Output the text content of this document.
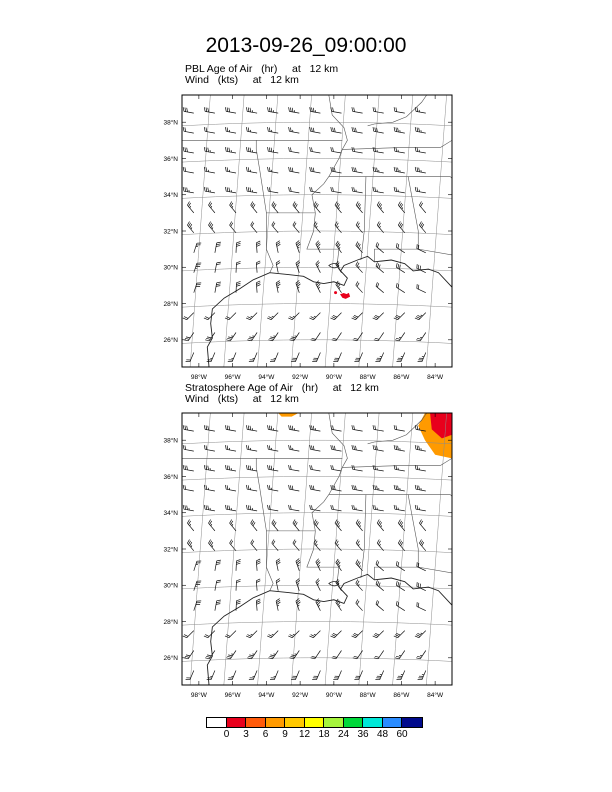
2013-09-26_09:00:00
PBL Age of Air (hr) at 12 km
Wind (kts) at 12 km
Stratosphere Age of Air (hr) at 12 km
Wind (kts) at 12 km
38°N
36°N
34°N
32°N
30°N
28°N
26°N
98°W	96°W	94°W	92°W	90°W	88°W	86°W	84°W
38°N
36°N
34°N
32°N
30°N
28°N
26°N
98°W	96°W	94°W	92°W	90°W	88°W	86°W	84°W
0 3 6 9 12 18 24 36 48 60
